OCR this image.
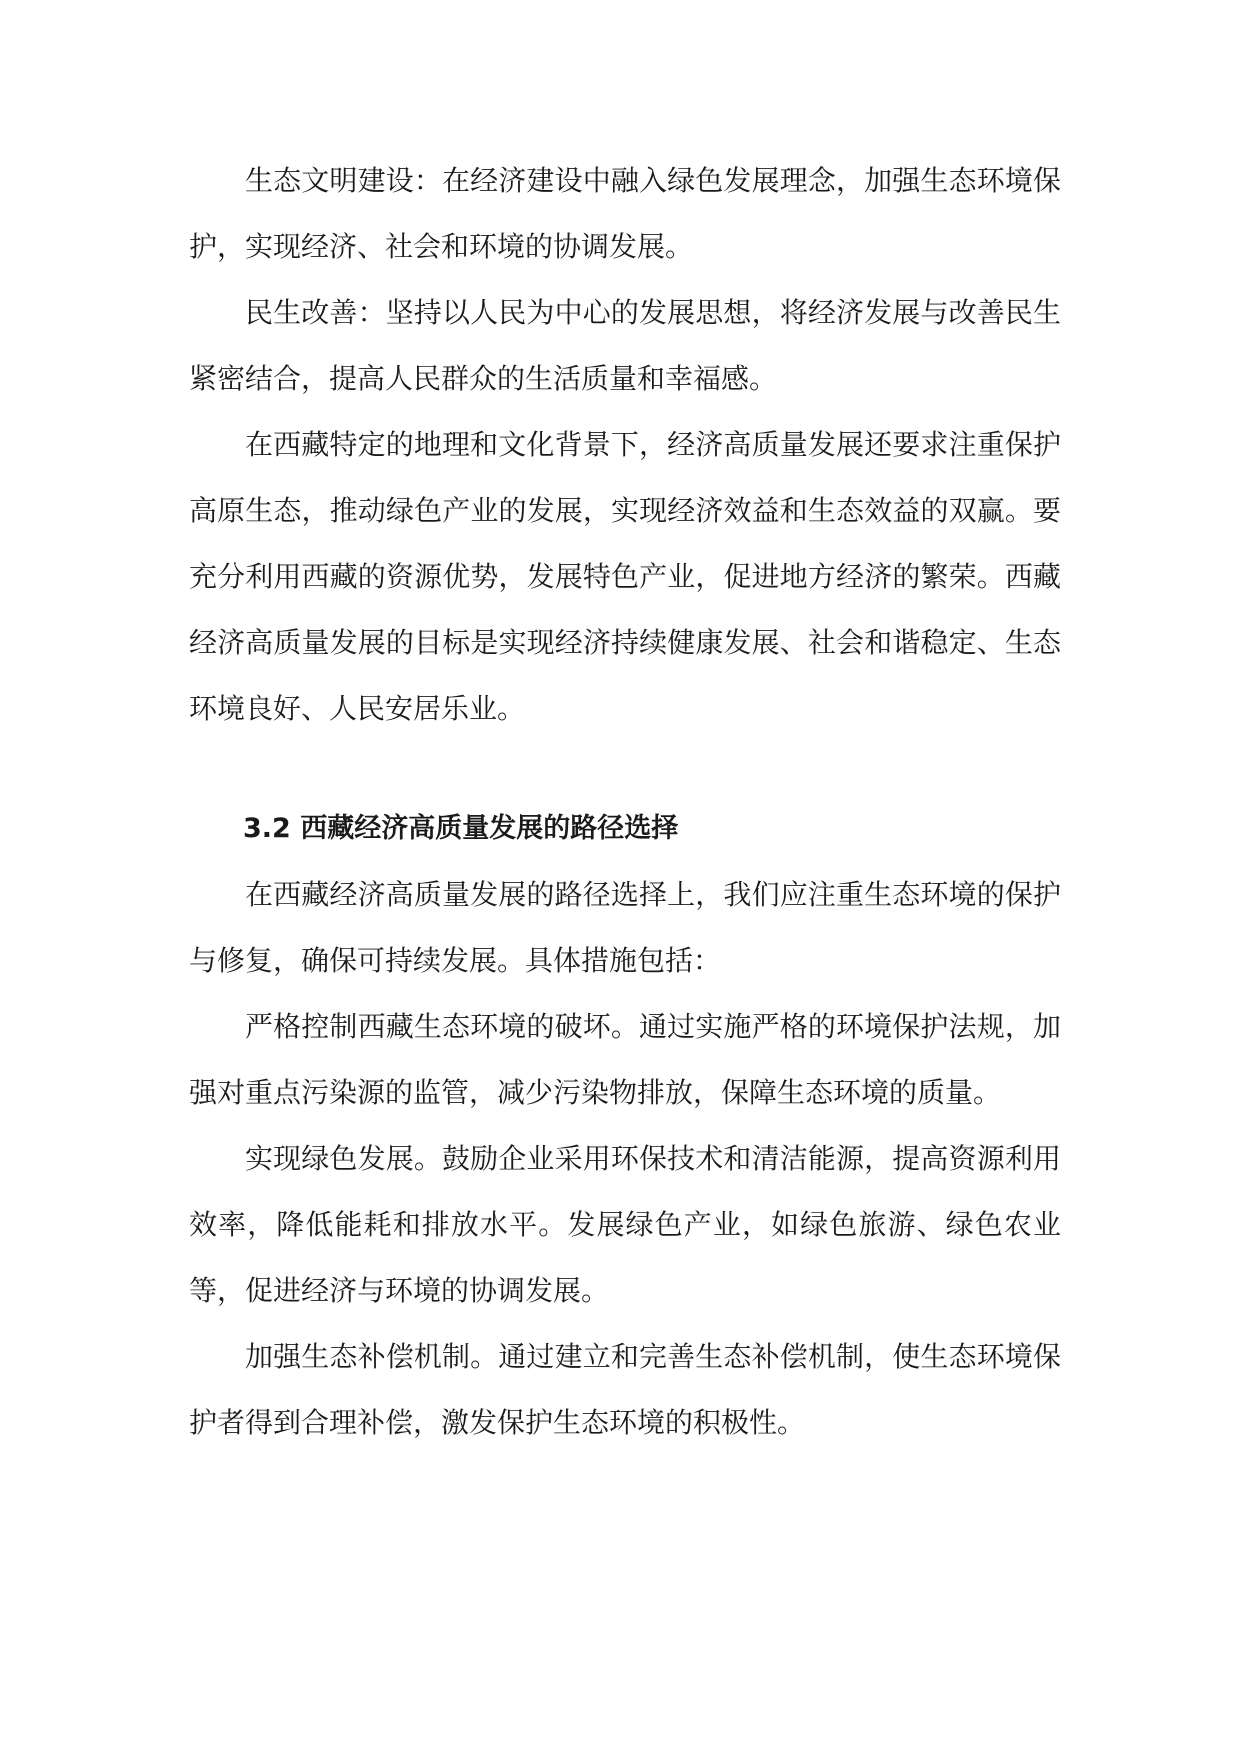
生态文明建设：在经济建设中融入绿色发展理念，加强生态环境保护，实现经济、社会和环境的协调发展。

民生改善：坚持以人民为中心的发展思想，将经济发展与改善民生紧密结合，提高人民群众的生活质量和幸福感。

在西藏特定的地理和文化背景下，经济高质量发展还要求注重保护高原生态，推动绿色产业的发展，实现经济效益和生态效益的双赢。要充分利用西藏的资源优势，发展特色产业，促进地方经济的繁荣。西藏经济高质量发展的目标是实现经济持续健康发展、社会和谐稳定、生态环境良好、人民安居乐业。

3.2 西藏经济高质量发展的路径选择

在西藏经济高质量发展的路径选择上，我们应注重生态环境的保护与修复，确保可持续发展。具体措施包括：

严格控制西藏生态环境的破坏。通过实施严格的环境保护法规，加强对重点污染源的监管，减少污染物排放，保障生态环境的质量。

实现绿色发展。鼓励企业采用环保技术和清洁能源，提高资源利用效率，降低能耗和排放水平。发展绿色产业，如绿色旅游、绿色农业等，促进经济与环境的协调发展。

加强生态补偿机制。通过建立和完善生态补偿机制，使生态环境保护者得到合理补偿，激发保护生态环境的积极性。
